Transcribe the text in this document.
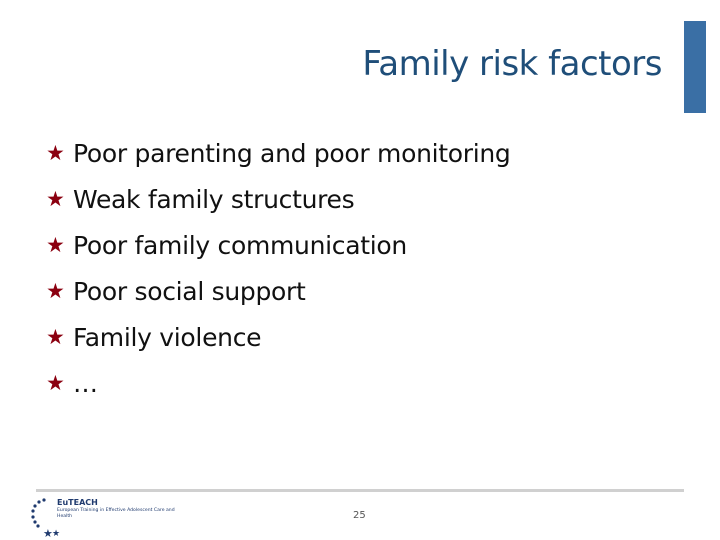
Family risk factors
★ Poor parenting and poor monitoring
★ Weak family structures
★ Poor family communication
★ Poor social support
★ Family violence
★ …
★ ★
EuTEACH
European Training in Effective Adolescent Care and Health	25
